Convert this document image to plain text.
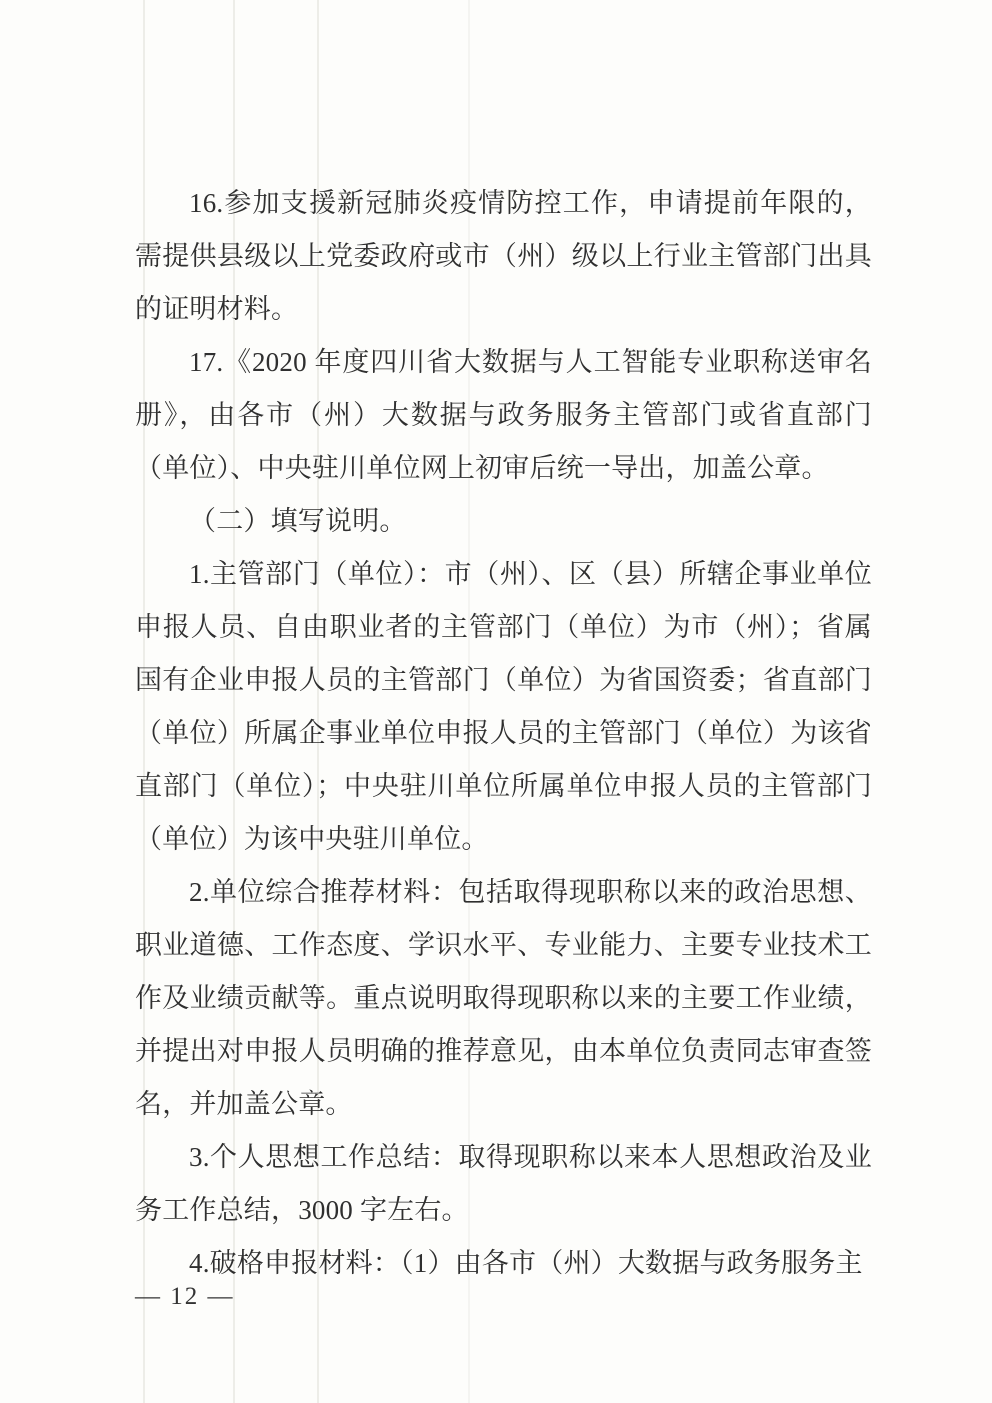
16.参加支援新冠肺炎疫情防控工作，申请提前年限的，需提供县级以上党委政府或市（州）级以上行业主管部门出具的证明材料。

17.《2020 年度四川省大数据与人工智能专业职称送审名册》，由各市（州）大数据与政务服务主管部门或省直部门（单位）、中央驻川单位网上初审后统一导出，加盖公章。

（二）填写说明。

1.主管部门（单位）：市（州）、区（县）所辖企事业单位申报人员、自由职业者的主管部门（单位）为市（州）；省属国有企业申报人员的主管部门（单位）为省国资委；省直部门（单位）所属企事业单位申报人员的主管部门（单位）为该省直部门（单位）；中央驻川单位所属单位申报人员的主管部门（单位）为该中央驻川单位。

2.单位综合推荐材料：包括取得现职称以来的政治思想、职业道德、工作态度、学识水平、专业能力、主要专业技术工作及业绩贡献等。重点说明取得现职称以来的主要工作业绩，并提出对申报人员明确的推荐意见，由本单位负责同志审查签名，并加盖公章。

3.个人思想工作总结：取得现职称以来本人思想政治及业务工作总结，3000 字左右。

4.破格申报材料：（1）由各市（州）大数据与政务服务主

— 12 —
